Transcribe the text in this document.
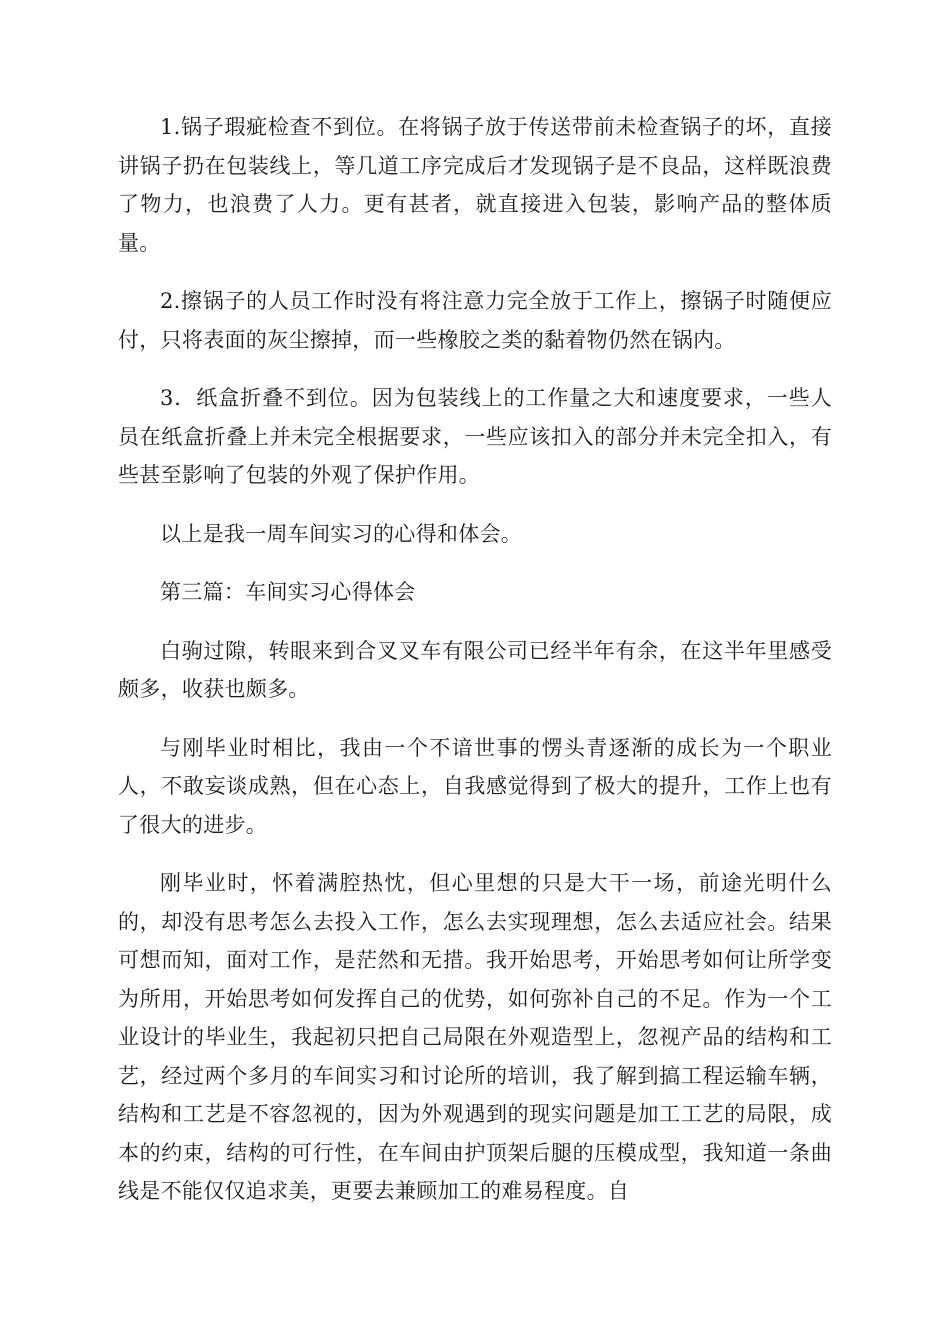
1.锅子瑕疵检查不到位。在将锅子放于传送带前未检查锅子的坏，直接讲锅子扔在包装线上，等几道工序完成后才发现锅子是不良品，这样既浪费了物力，也浪费了人力。更有甚者，就直接进入包装，影响产品的整体质量。

2.擦锅子的人员工作时没有将注意力完全放于工作上，擦锅子时随便应付，只将表面的灰尘擦掉，而一些橡胶之类的黏着物仍然在锅内。

3．纸盒折叠不到位。因为包装线上的工作量之大和速度要求，一些人员在纸盒折叠上并未完全根据要求，一些应该扣入的部分并未完全扣入，有些甚至影响了包装的外观了保护作用。

以上是我一周车间实习的心得和体会。

第三篇：车间实习心得体会

白驹过隙，转眼来到合叉叉车有限公司已经半年有余，在这半年里感受颇多，收获也颇多。

与刚毕业时相比，我由一个不谙世事的愣头青逐渐的成长为一个职业人，不敢妄谈成熟，但在心态上，自我感觉得到了极大的提升，工作上也有了很大的进步。

刚毕业时，怀着满腔热忱，但心里想的只是大干一场，前途光明什么的，却没有思考怎么去投入工作，怎么去实现理想，怎么去适应社会。结果可想而知，面对工作，是茫然和无措。我开始思考，开始思考如何让所学变为所用，开始思考如何发挥自己的优势，如何弥补自己的不足。作为一个工业设计的毕业生，我起初只把自己局限在外观造型上，忽视产品的结构和工艺，经过两个多月的车间实习和讨论所的培训，我了解到搞工程运输车辆，结构和工艺是不容忽视的，因为外观遇到的现实问题是加工工艺的局限，成本的约束，结构的可行性，在车间由护顶架后腿的压模成型，我知道一条曲线是不能仅仅追求美，更要去兼顾加工的难易程度。自
